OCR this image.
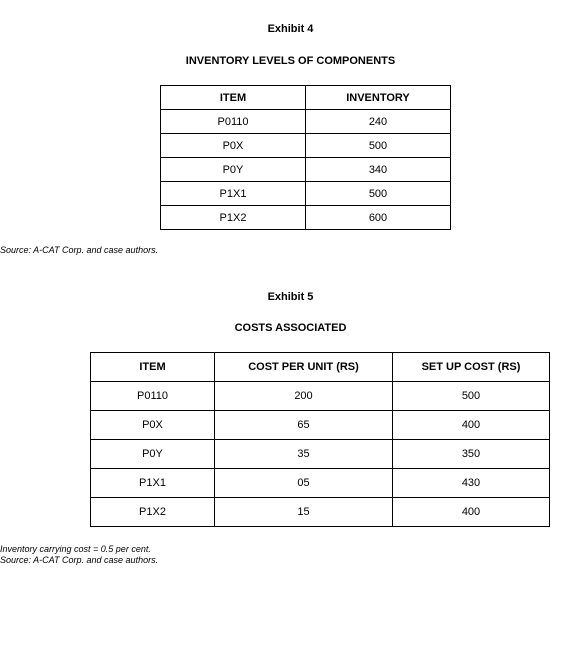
Exhibit 4
INVENTORY LEVELS OF COMPONENTS
ITEM	INVENTORY
P0110	240
P0X	500
P0Y	340
P1X1	500
P1X2	600
Source: A-CAT Corp. and case authors.
Exhibit 5
COSTS ASSOCIATED
ITEM	COST PER UNIT (RS)	SET UP COST (RS)
P0110	200	500
P0X	65	400
P0Y	35	350
P1X1	05	430
P1X2	15	400
Inventory carrying cost = 0.5 per cent.
Source: A-CAT Corp. and case authors.
